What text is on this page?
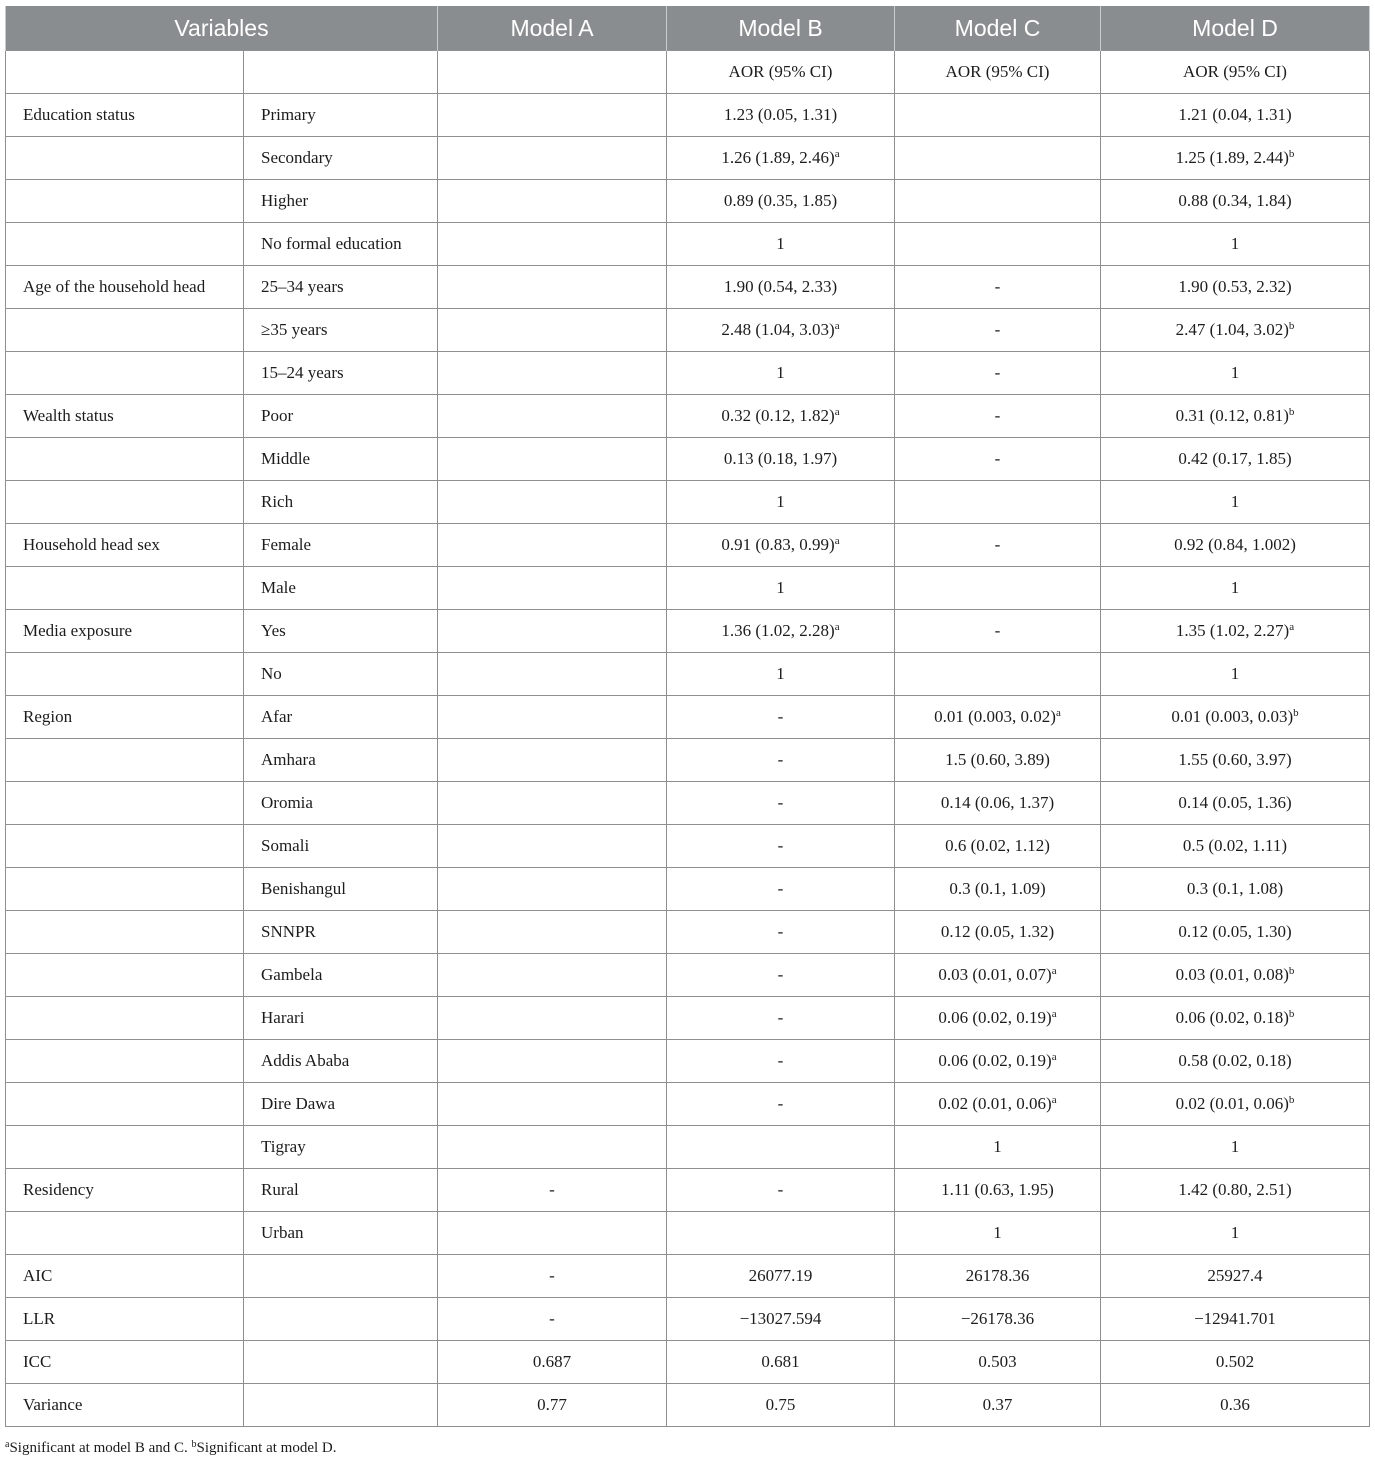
Variables		Model A	Model B	Model C	Model D
			AOR (95% CI)	AOR (95% CI)	AOR (95% CI)
Education status	Primary		1.23 (0.05, 1.31)		1.21 (0.04, 1.31)
	Secondary		1.26 (1.89, 2.46)$^a$		1.25 (1.89, 2.44)$^b$
	Higher		0.89 (0.35, 1.85)		0.88 (0.34, 1.84)
	No formal education		1		1
Age of the household head	25–34 years		1.90 (0.54, 2.33)	-	1.90 (0.53, 2.32)
	≥35 years		2.48 (1.04, 3.03)$^a$	-	2.47 (1.04, 3.02)$^b$
	15–24 years		1	-	1
Wealth status	Poor		0.32 (0.12, 1.82)$^a$	-	0.31 (0.12, 0.81)$^b$
	Middle		0.13 (0.18, 1.97)	-	0.42 (0.17, 1.85)
	Rich		1		1
Household head sex	Female		0.91 (0.83, 0.99)$^a$	-	0.92 (0.84, 1.002)
	Male		1		1
Media exposure	Yes		1.36 (1.02, 2.28)$^a$	-	1.35 (1.02, 2.27)$^a$
	No		1		1
Region	Afar		-	0.01 (0.003, 0.02)$^a$	0.01 (0.003, 0.03)$^b$
	Amhara		-	1.5 (0.60, 3.89)	1.55 (0.60, 3.97)
	Oromia		-	0.14 (0.06, 1.37)	0.14 (0.05, 1.36)
	Somali		-	0.6 (0.02, 1.12)	0.5 (0.02, 1.11)
	Benishangul		-	0.3 (0.1, 1.09)	0.3 (0.1, 1.08)
	SNNPR		-	0.12 (0.05, 1.32)	0.12 (0.05, 1.30)
	Gambela		-	0.03 (0.01, 0.07)$^a$	0.03 (0.01, 0.08)$^b$
	Harari		-	0.06 (0.02, 0.19)$^a$	0.06 (0.02, 0.18)$^b$
	Addis Ababa		-	0.06 (0.02, 0.19)$^a$	0.58 (0.02, 0.18)
	Dire Dawa		-	0.02 (0.01, 0.06)$^a$	0.02 (0.01, 0.06)$^b$
	Tigray			1	1
Residency	Rural	-	-	1.11 (0.63, 1.95)	1.42 (0.80, 2.51)
	Urban			1	1
AIC		-	26077.19	26178.36	25927.4
LLR		-	−13027.594	−26178.36	−12941.701
ICC		0.687	0.681	0.503	0.502
Variance		0.77	0.75	0.37	0.36
$^a$Significant at model B and C. $^b$Significant at model D.
